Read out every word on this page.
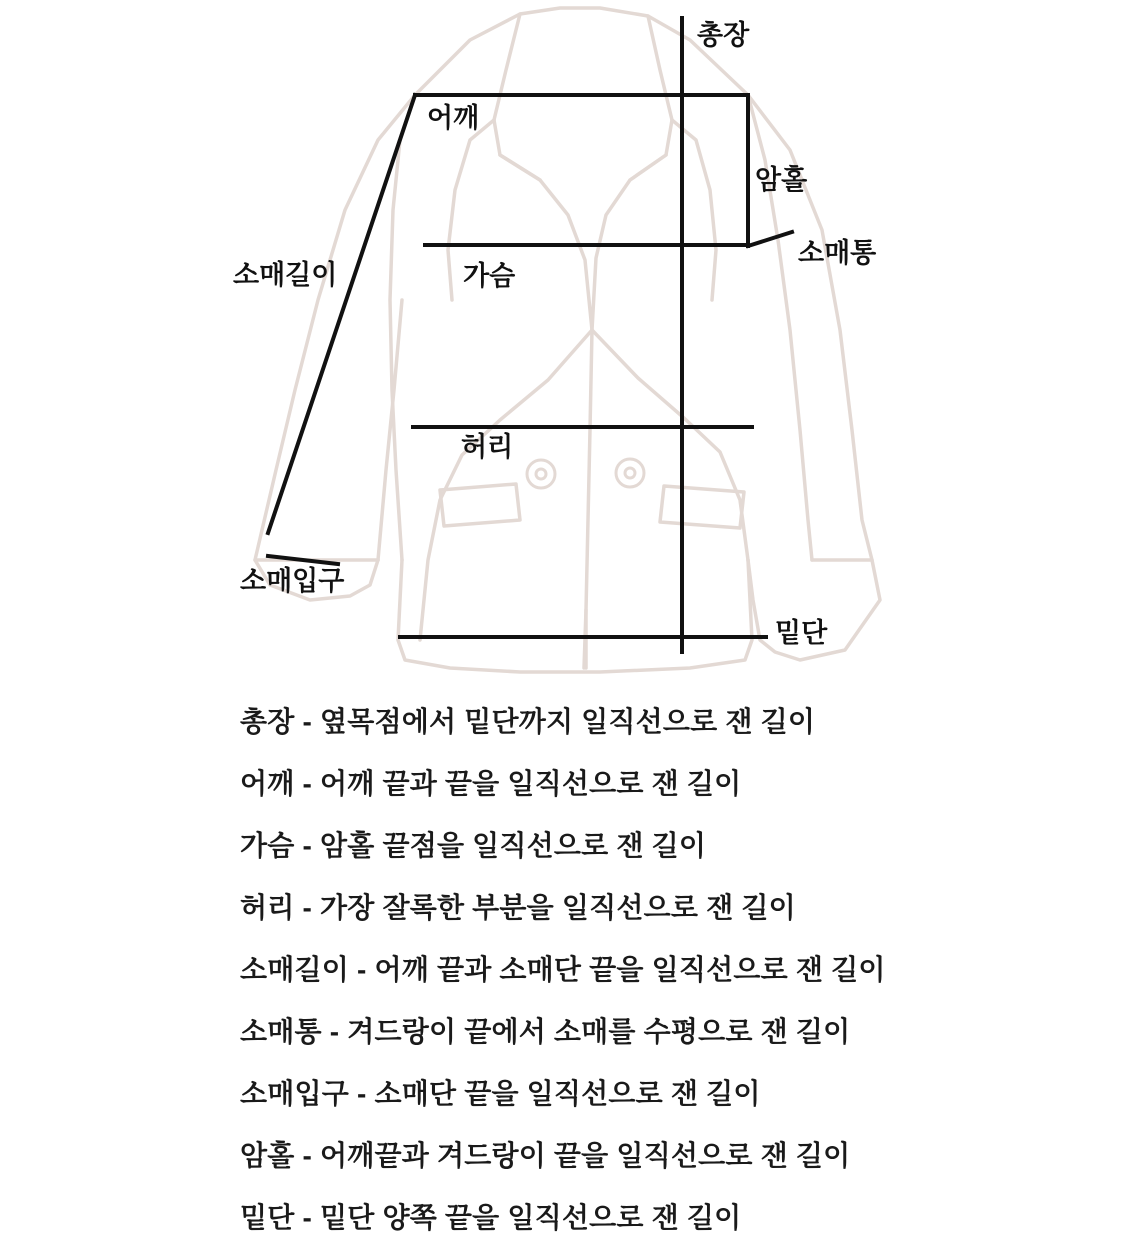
총장
어깨
암홀
소매통
소매길이	가슴
허리
소매입구
밑단
총장 - 옆목점에서 밑단까지 일직선으로 잰 길이
어깨 - 어깨 끝과 끝을 일직선으로 잰 길이
가슴 - 암홀 끝점을 일직선으로 잰 길이
허리 - 가장 잘록한 부분을 일직선으로 잰 길이
소매길이 - 어깨 끝과 소매단 끝을 일직선으로 잰 길이
소매통 - 겨드랑이 끝에서 소매를 수평으로 잰 길이
소매입구 - 소매단 끝을 일직선으로 잰 길이
암홀 - 어깨끝과 겨드랑이 끝을 일직선으로 잰 길이
밑단 - 밑단 양쪽 끝을 일직선으로 잰 길이
